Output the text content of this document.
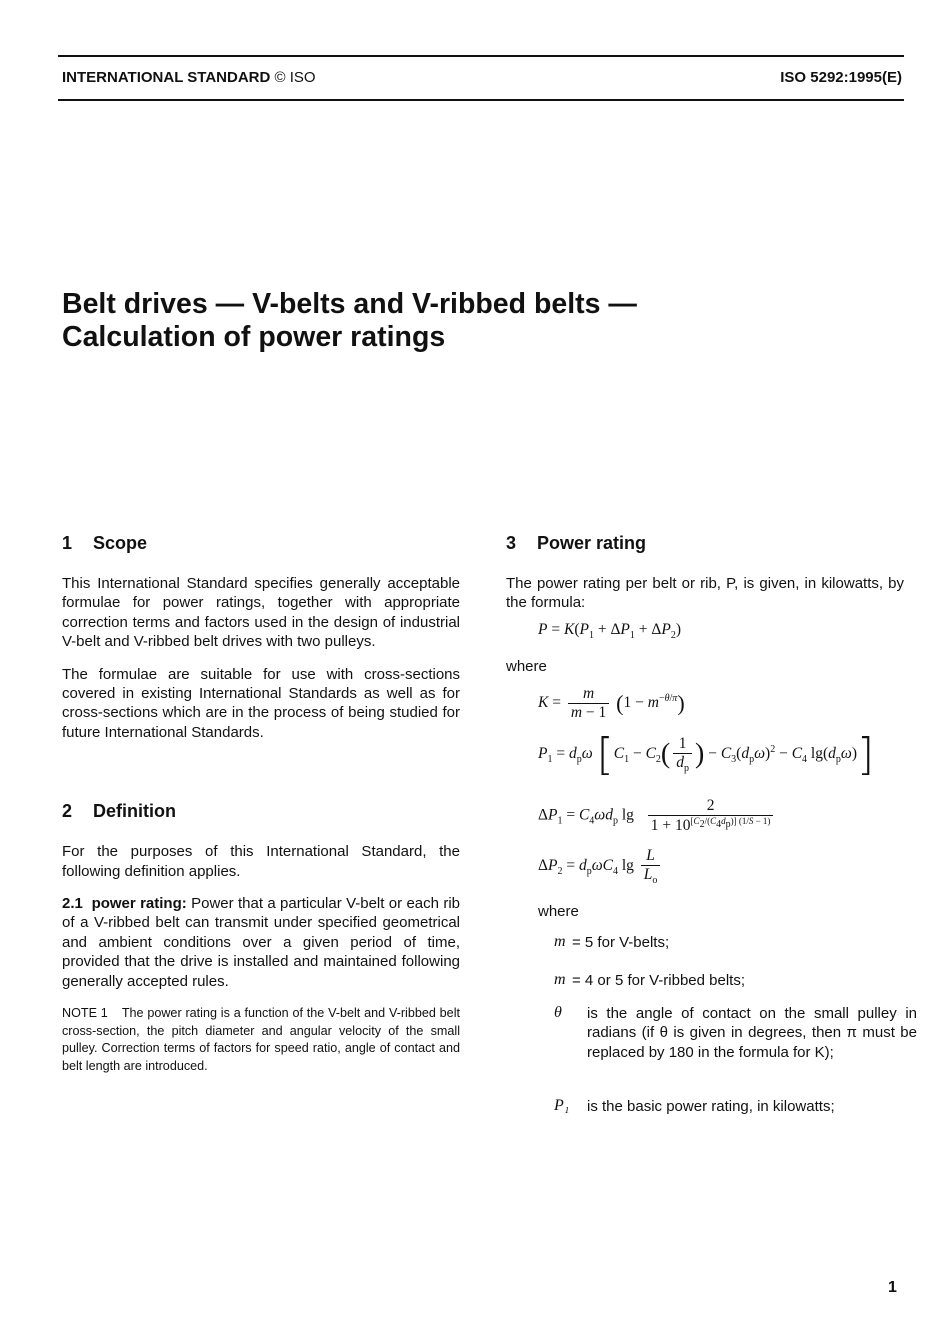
INTERNATIONAL STANDARD © ISO	ISO 5292:1995(E)
Belt drives — V-belts and V-ribbed belts —
Calculation of power ratings
1 Scope

This International Standard specifies generally acceptable formulae for power ratings, together with appropriate correction terms and factors used in the design of industrial V-belt and V-ribbed belt drives with two pulleys.

The formulae are suitable for use with cross-sections covered in existing International Standards as well as for cross-sections which are in the process of being studied for future International Standards.

2 Definition

For the purposes of this International Standard, the following definition applies.

2.1 power rating: Power that a particular V-belt or each rib of a V-ribbed belt can transmit under specified geometrical and ambient conditions over a given period of time, provided that the drive is installed and maintained following generally accepted rules.

NOTE 1 The power rating is a function of the V-belt and V-ribbed belt cross-section, the pitch diameter and angular velocity of the small pulley. Correction terms of factors for speed ratio, angle of contact and belt length are introduced.

3 Power rating

The power rating per belt or rib, P, is given, in kilowatts, by the formula:

$P = K(P_1 + \Delta P_1 + \Delta P_2)$

where

$K = \frac{m}{m - 1} (1 - m^{-\theta/\pi})$
$P_1 = d_p\omega$ [$C_1 - C_2( \frac{1}{d_p}$ ) − $C_3(d_p\omega)^2 - C_4$ $\lg(d_p\omega)$]
$\Delta P_1 = C_4\omega d_p$ $\lg \frac{2}{1 + 10^{[C_2/(C_4d_p)] (1/S - 1)}}$
$\Delta P_2 = d_p\omega C_4$ $\lg \frac{L}{L_o}$

where

m = 5 for V-belts;
m = 4 or 5 for V-ribbed belts;
θ is the angle of contact on the small pulley in radians (if θ is given in degrees, then π must be replaced by 180 in the formula for K);
P₁ is the basic power rating, in kilowatts;
1
